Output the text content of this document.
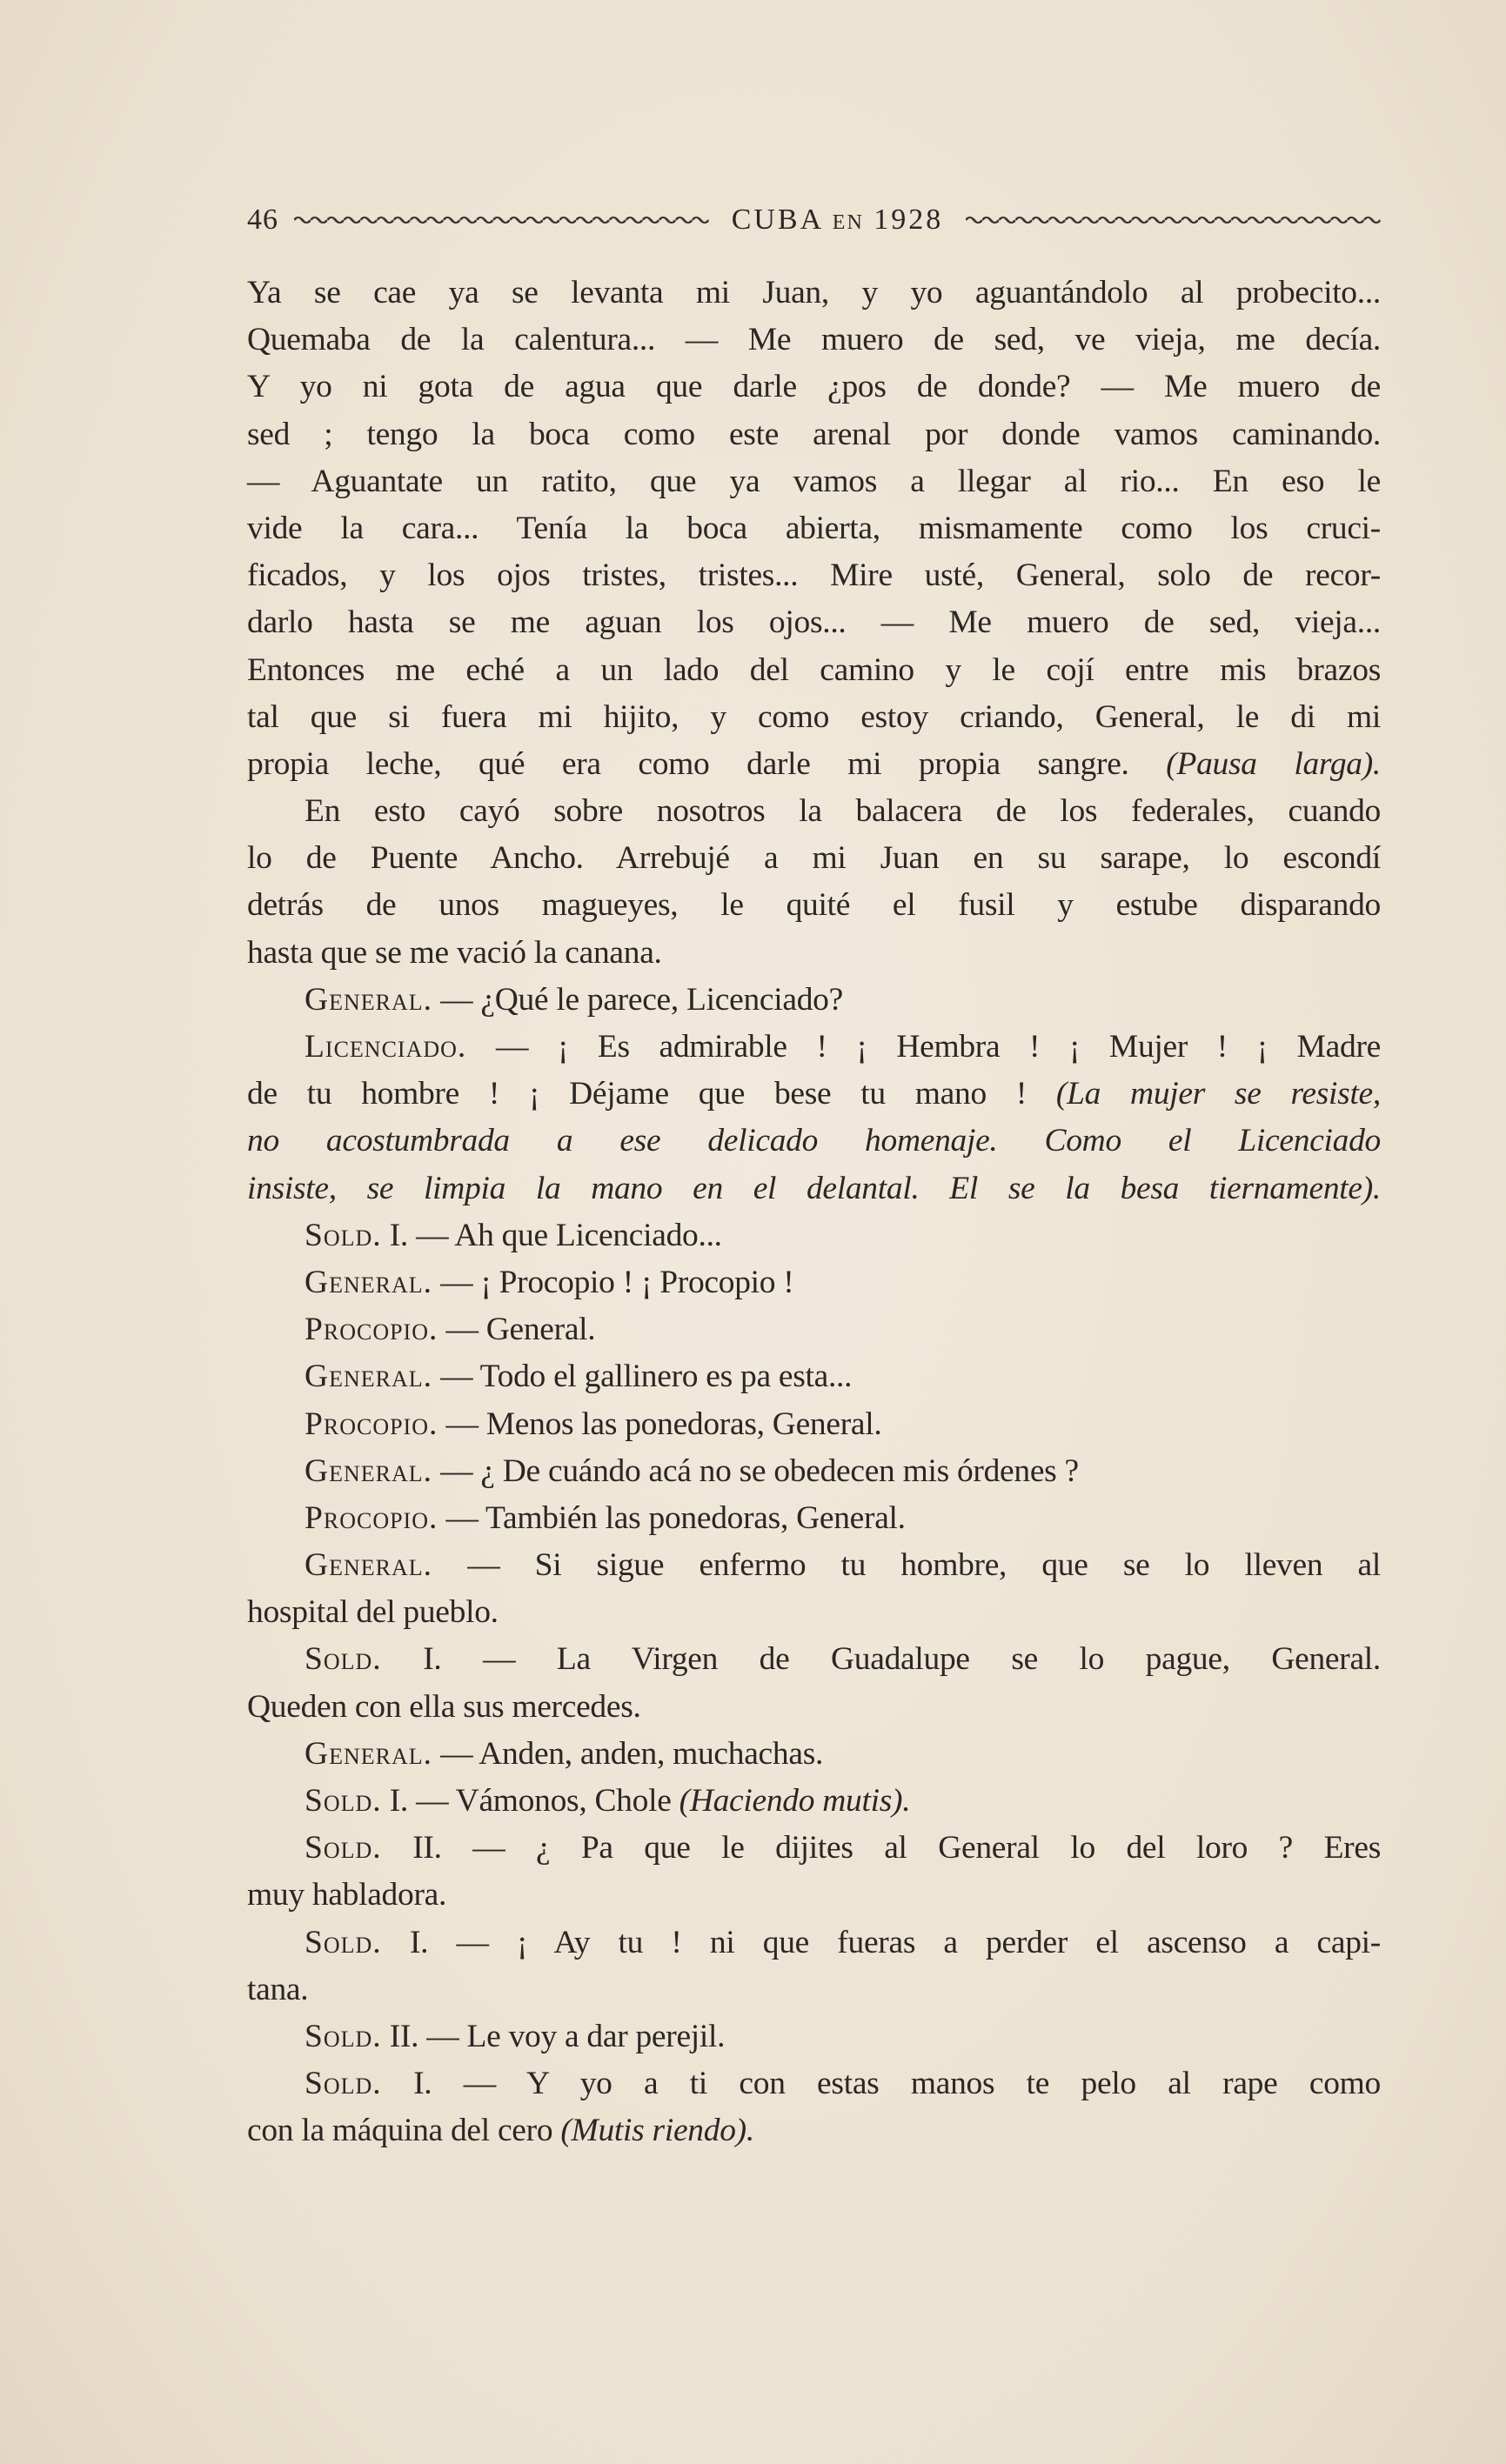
46	CUBA EN 1928
Ya se cae ya se levanta mi Juan, y yo aguantándolo al probecito...
Quemaba de la calentura... — Me muero de sed, ve vieja, me decía.
Y yo ni gota de agua que darle ¿pos de donde? — Me muero de
sed ; tengo la boca como este arenal por donde vamos caminando.
— Aguantate un ratito, que ya vamos a llegar al rio... En eso le
vide la cara... Tenía la boca abierta, mismamente como los cruci-
ficados, y los ojos tristes, tristes... Mire usté, General, solo de recor-
darlo hasta se me aguan los ojos... — Me muero de sed, vieja...
Entonces me eché a un lado del camino y le cojí entre mis brazos
tal que si fuera mi hijito, y como estoy criando, General, le di mi
propia leche, qué era como darle mi propia sangre. (Pausa larga).
En esto cayó sobre nosotros la balacera de los federales, cuando
lo de Puente Ancho. Arrebujé a mi Juan en su sarape, lo escondí
detrás de unos magueyes, le quité el fusil y estube disparando
hasta que se me vació la canana.
General. — ¿Qué le parece, Licenciado?
Licenciado. — ¡ Es admirable ! ¡ Hembra ! ¡ Mujer ! ¡ Madre
de tu hombre ! ¡ Déjame que bese tu mano ! (La mujer se resiste,
no acostumbrada a ese delicado homenaje. Como el Licenciado
insiste, se limpia la mano en el delantal. El se la besa tiernamente).
Sold. I. — Ah que Licenciado...
General. — ¡ Procopio ! ¡ Procopio !
Procopio. — General.
General. — Todo el gallinero es pa esta...
Procopio. — Menos las ponedoras, General.
General. — ¿ De cuándo acá no se obedecen mis órdenes ?
Procopio. — También las ponedoras, General.
General. — Si sigue enfermo tu hombre, que se lo lleven al
hospital del pueblo.
Sold. I. — La Virgen de Guadalupe se lo pague, General.
Queden con ella sus mercedes.
General. — Anden, anden, muchachas.
Sold. I. — Vámonos, Chole (Haciendo mutis).
Sold. II. — ¿ Pa que le dijites al General lo del loro ? Eres
muy habladora.
Sold. I. — ¡ Ay tu ! ni que fueras a perder el ascenso a capi-
tana.
Sold. II. — Le voy a dar perejil.
Sold. I. — Y yo a ti con estas manos te pelo al rape como
con la máquina del cero (Mutis riendo).
